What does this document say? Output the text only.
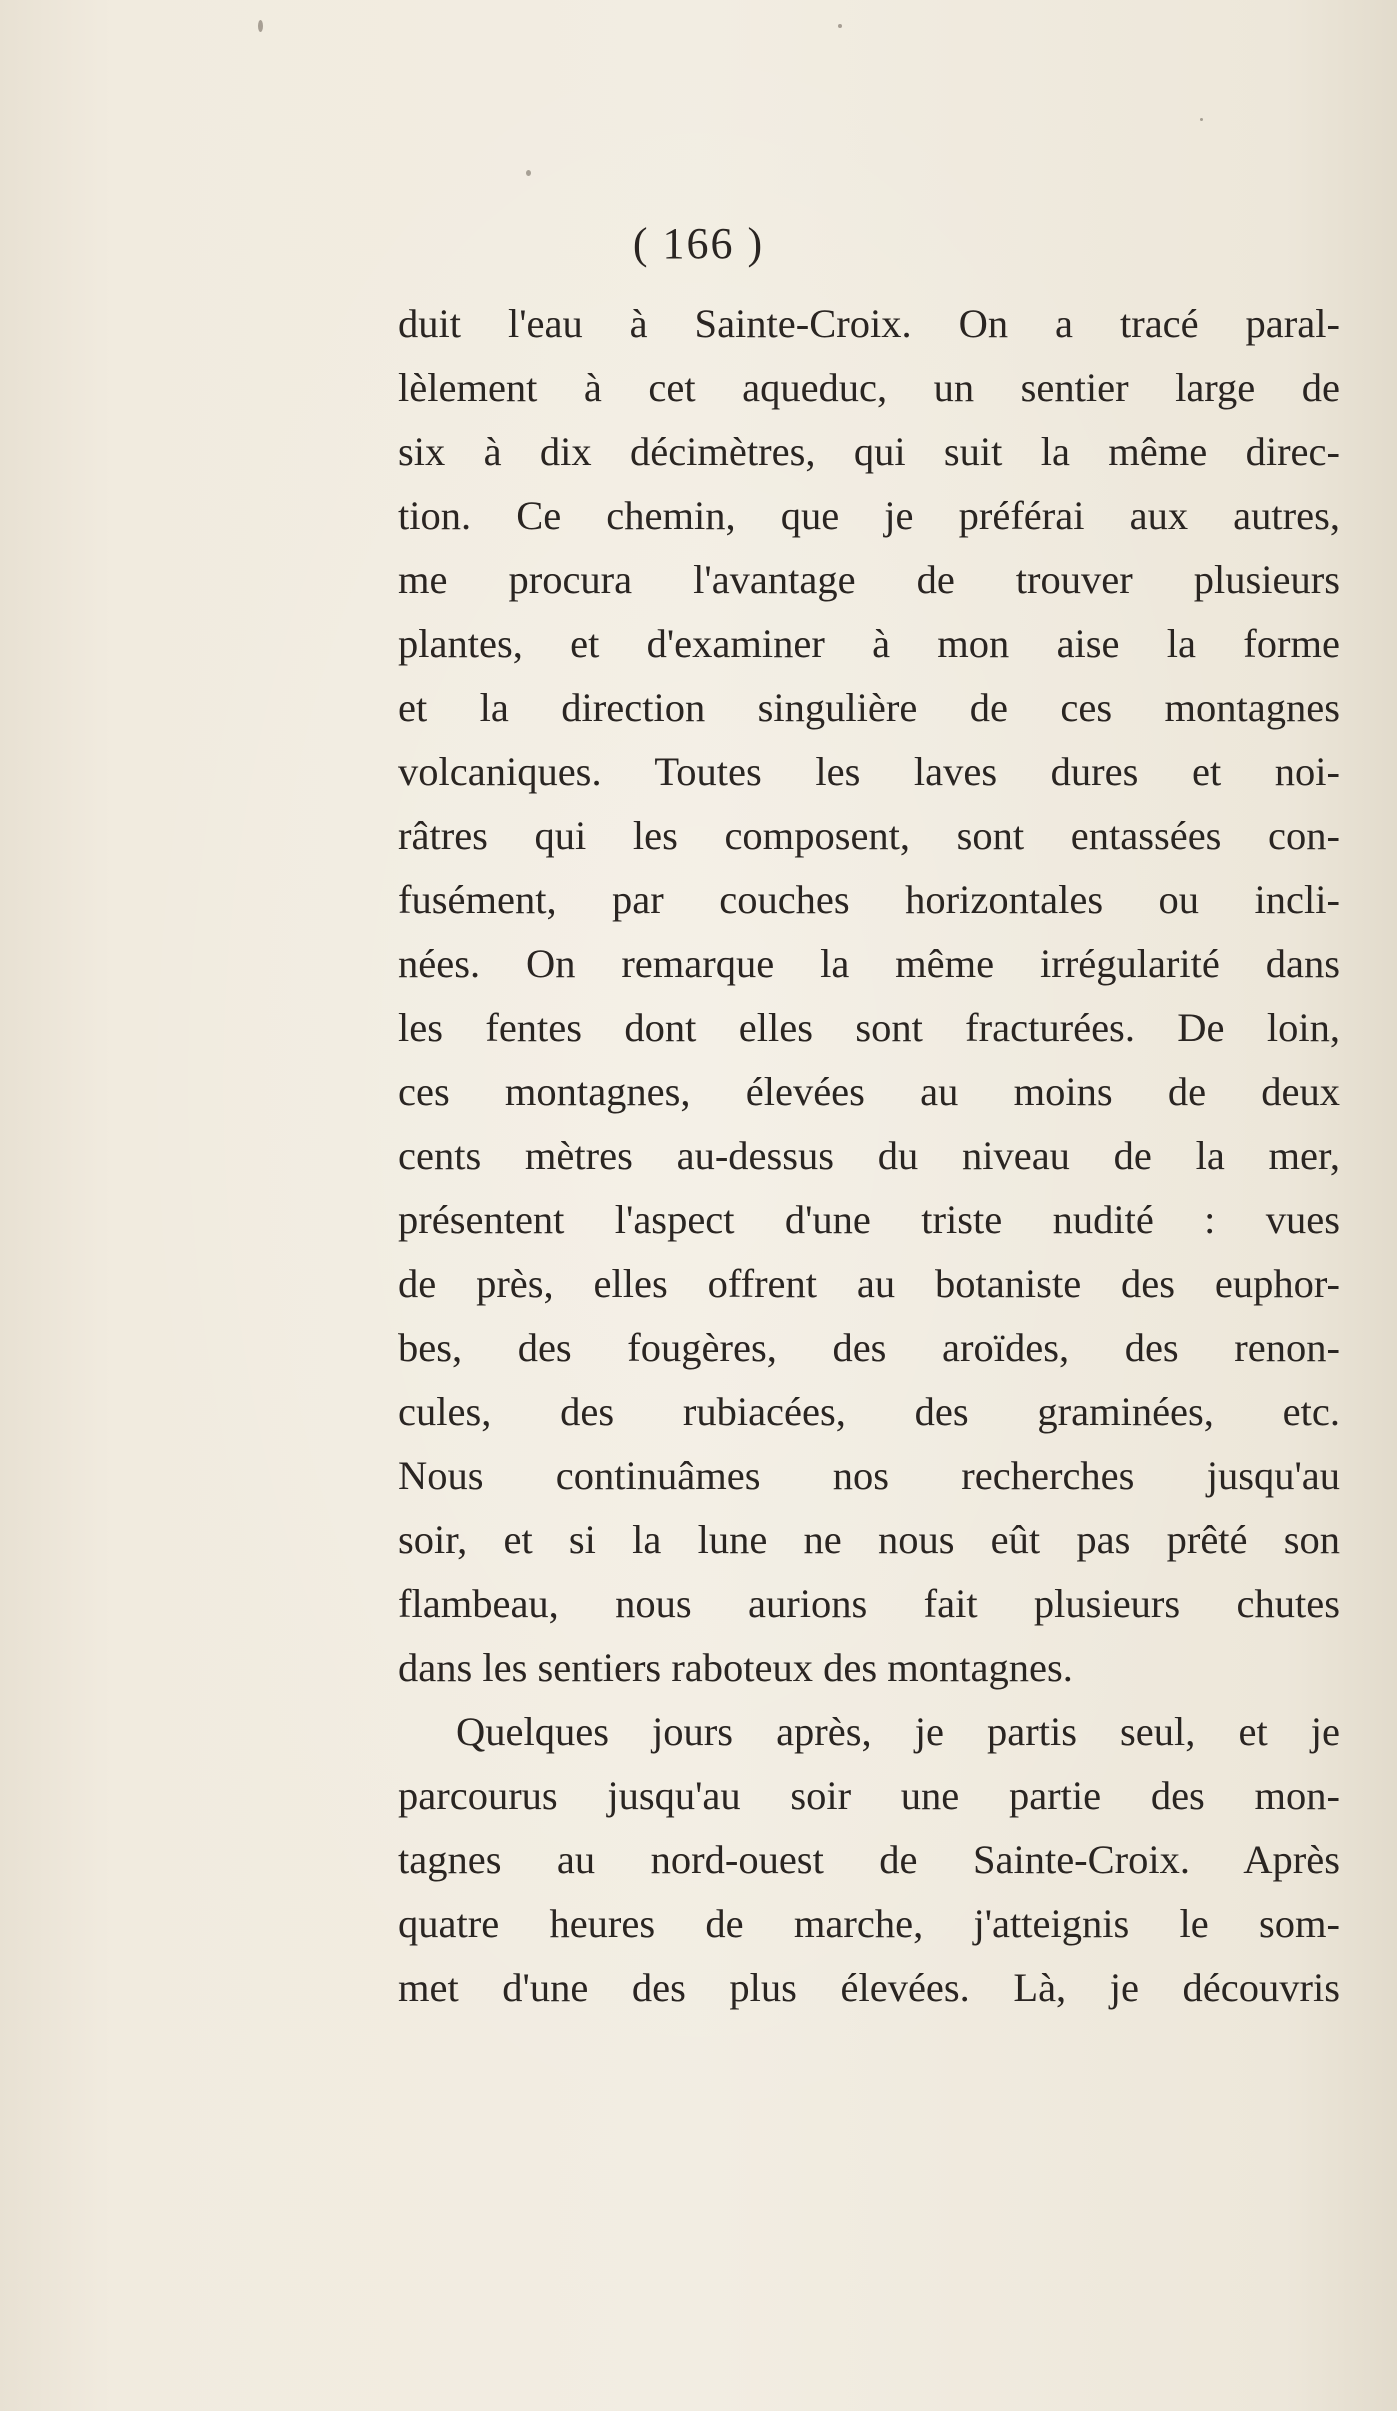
( 166 )
duit l'eau à Sainte-Croix. On a tracé paral-
lèlement à cet aqueduc, un sentier large de
six à dix décimètres, qui suit la même direc-
tion. Ce chemin, que je préférai aux autres,
me procura l'avantage de trouver plusieurs
plantes, et d'examiner à mon aise la forme
et la direction singulière de ces montagnes
volcaniques. Toutes les laves dures et noi-
râtres qui les composent, sont entassées con-
fusément, par couches horizontales ou incli-
nées. On remarque la même irrégularité dans
les fentes dont elles sont fracturées. De loin,
ces montagnes, élevées au moins de deux
cents mètres au-dessus du niveau de la mer,
présentent l'aspect d'une triste nudité : vues
de près, elles offrent au botaniste des euphor-
bes, des fougères, des aroïdes, des renon-
cules, des rubiacées, des graminées, etc.
Nous continuâmes nos recherches jusqu'au
soir, et si la lune ne nous eût pas prêté son
flambeau, nous aurions fait plusieurs chutes
dans les sentiers raboteux des montagnes.
Quelques jours après, je partis seul, et je
parcourus jusqu'au soir une partie des mon-
tagnes au nord-ouest de Sainte-Croix. Après
quatre heures de marche, j'atteignis le som-
met d'une des plus élevées. Là, je découvris
